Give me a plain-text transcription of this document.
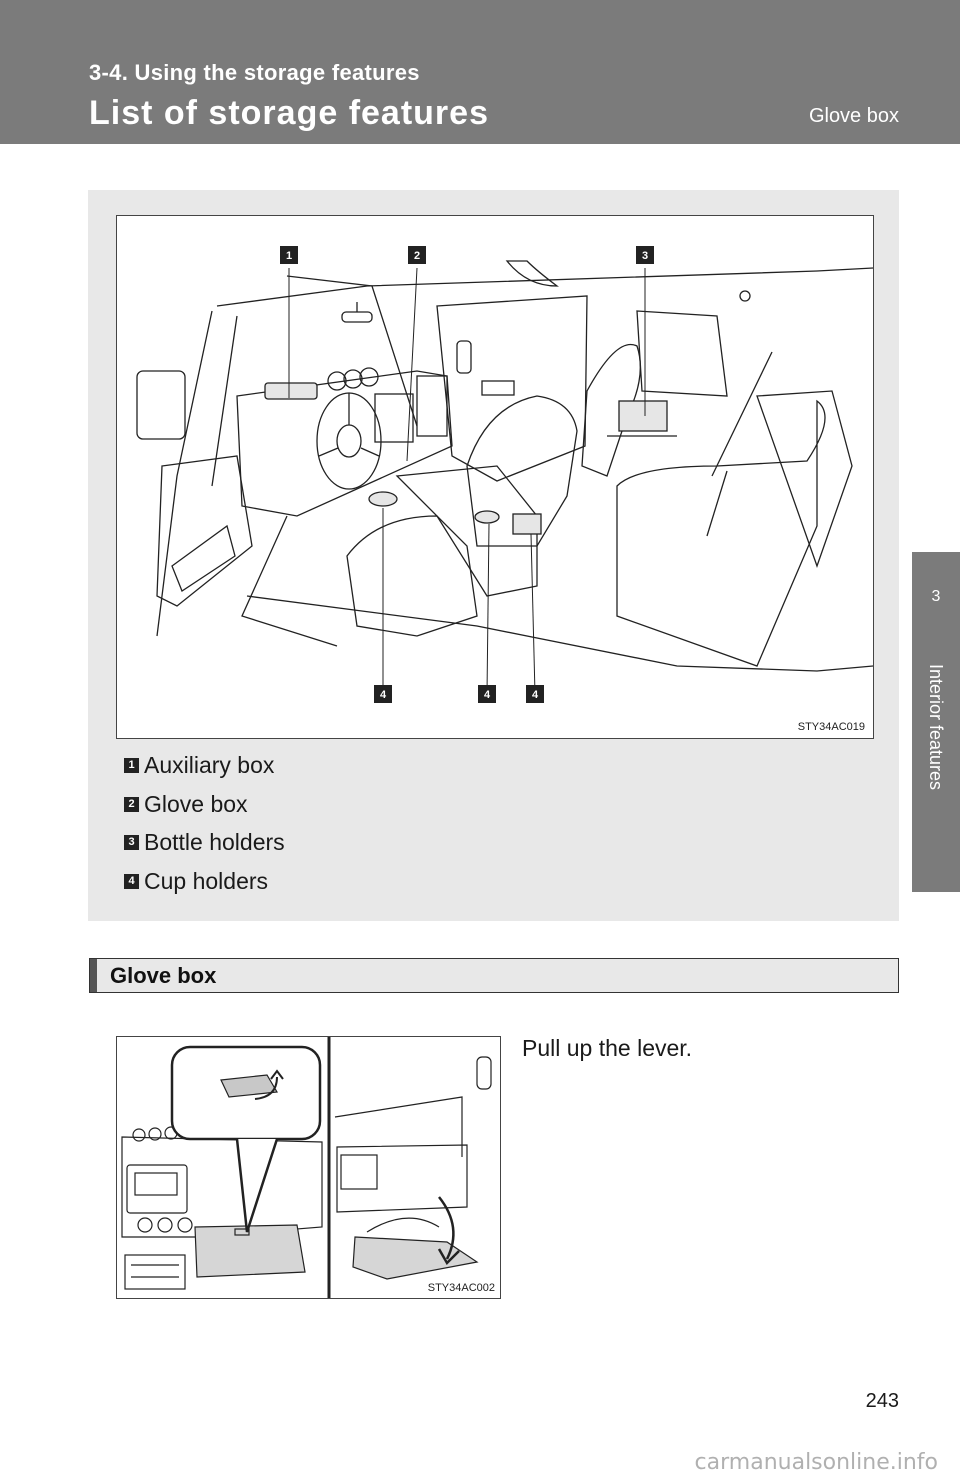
3-4. Using the storage features
List of storage features	Glove box
3
Interior features
1	2	3
4	4	4
STY34AC019
1 Auxiliary box
2 Glove box
3 Bottle holders
4 Cup holders
Glove box
STY34AC002
Pull up the lever.
243
carmanualsonline.info
